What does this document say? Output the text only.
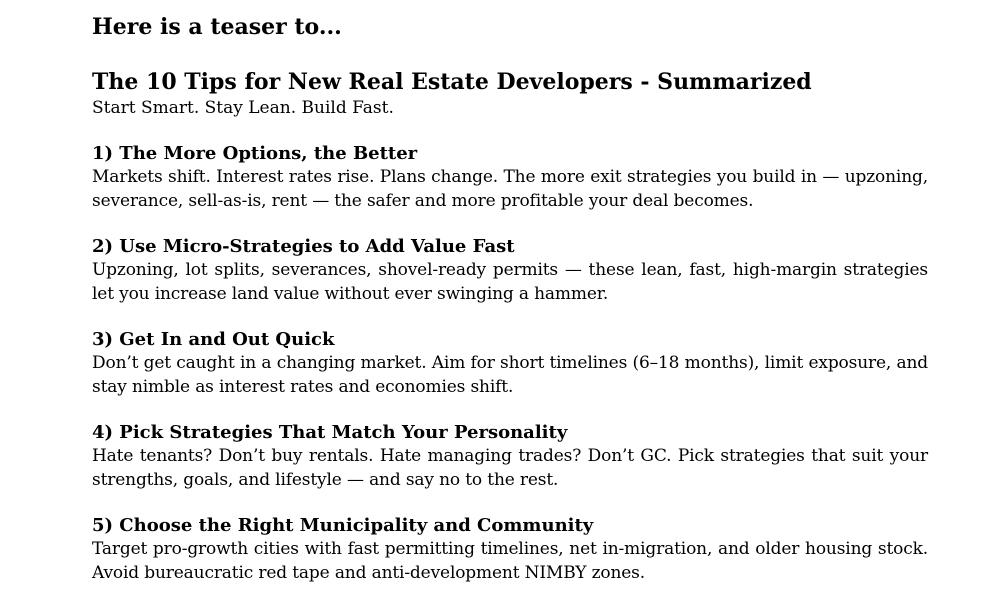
Here is a teaser to...

The 10 Tips for New Real Estate Developers - Summarized

Start Smart. Stay Lean. Build Fast.

1) The More Options, the Better

Markets shift. Interest rates rise. Plans change. The more exit strategies you build in — upzoning, severance, sell-as-is, rent — the safer and more profitable your deal becomes.

2) Use Micro-Strategies to Add Value Fast

Upzoning, lot splits, severances, shovel-ready permits — these lean, fast, high-margin strategies let you increase land value without ever swinging a hammer.

3) Get In and Out Quick

Don’t get caught in a changing market. Aim for short timelines (6–18 months), limit exposure, and stay nimble as interest rates and economies shift.

4) Pick Strategies That Match Your Personality

Hate tenants? Don’t buy rentals. Hate managing trades? Don’t GC. Pick strategies that suit your strengths, goals, and lifestyle — and say no to the rest.

5) Choose the Right Municipality and Community

Target pro-growth cities with fast permitting timelines, net in-migration, and older housing stock. Avoid bureaucratic red tape and anti-development NIMBY zones.
